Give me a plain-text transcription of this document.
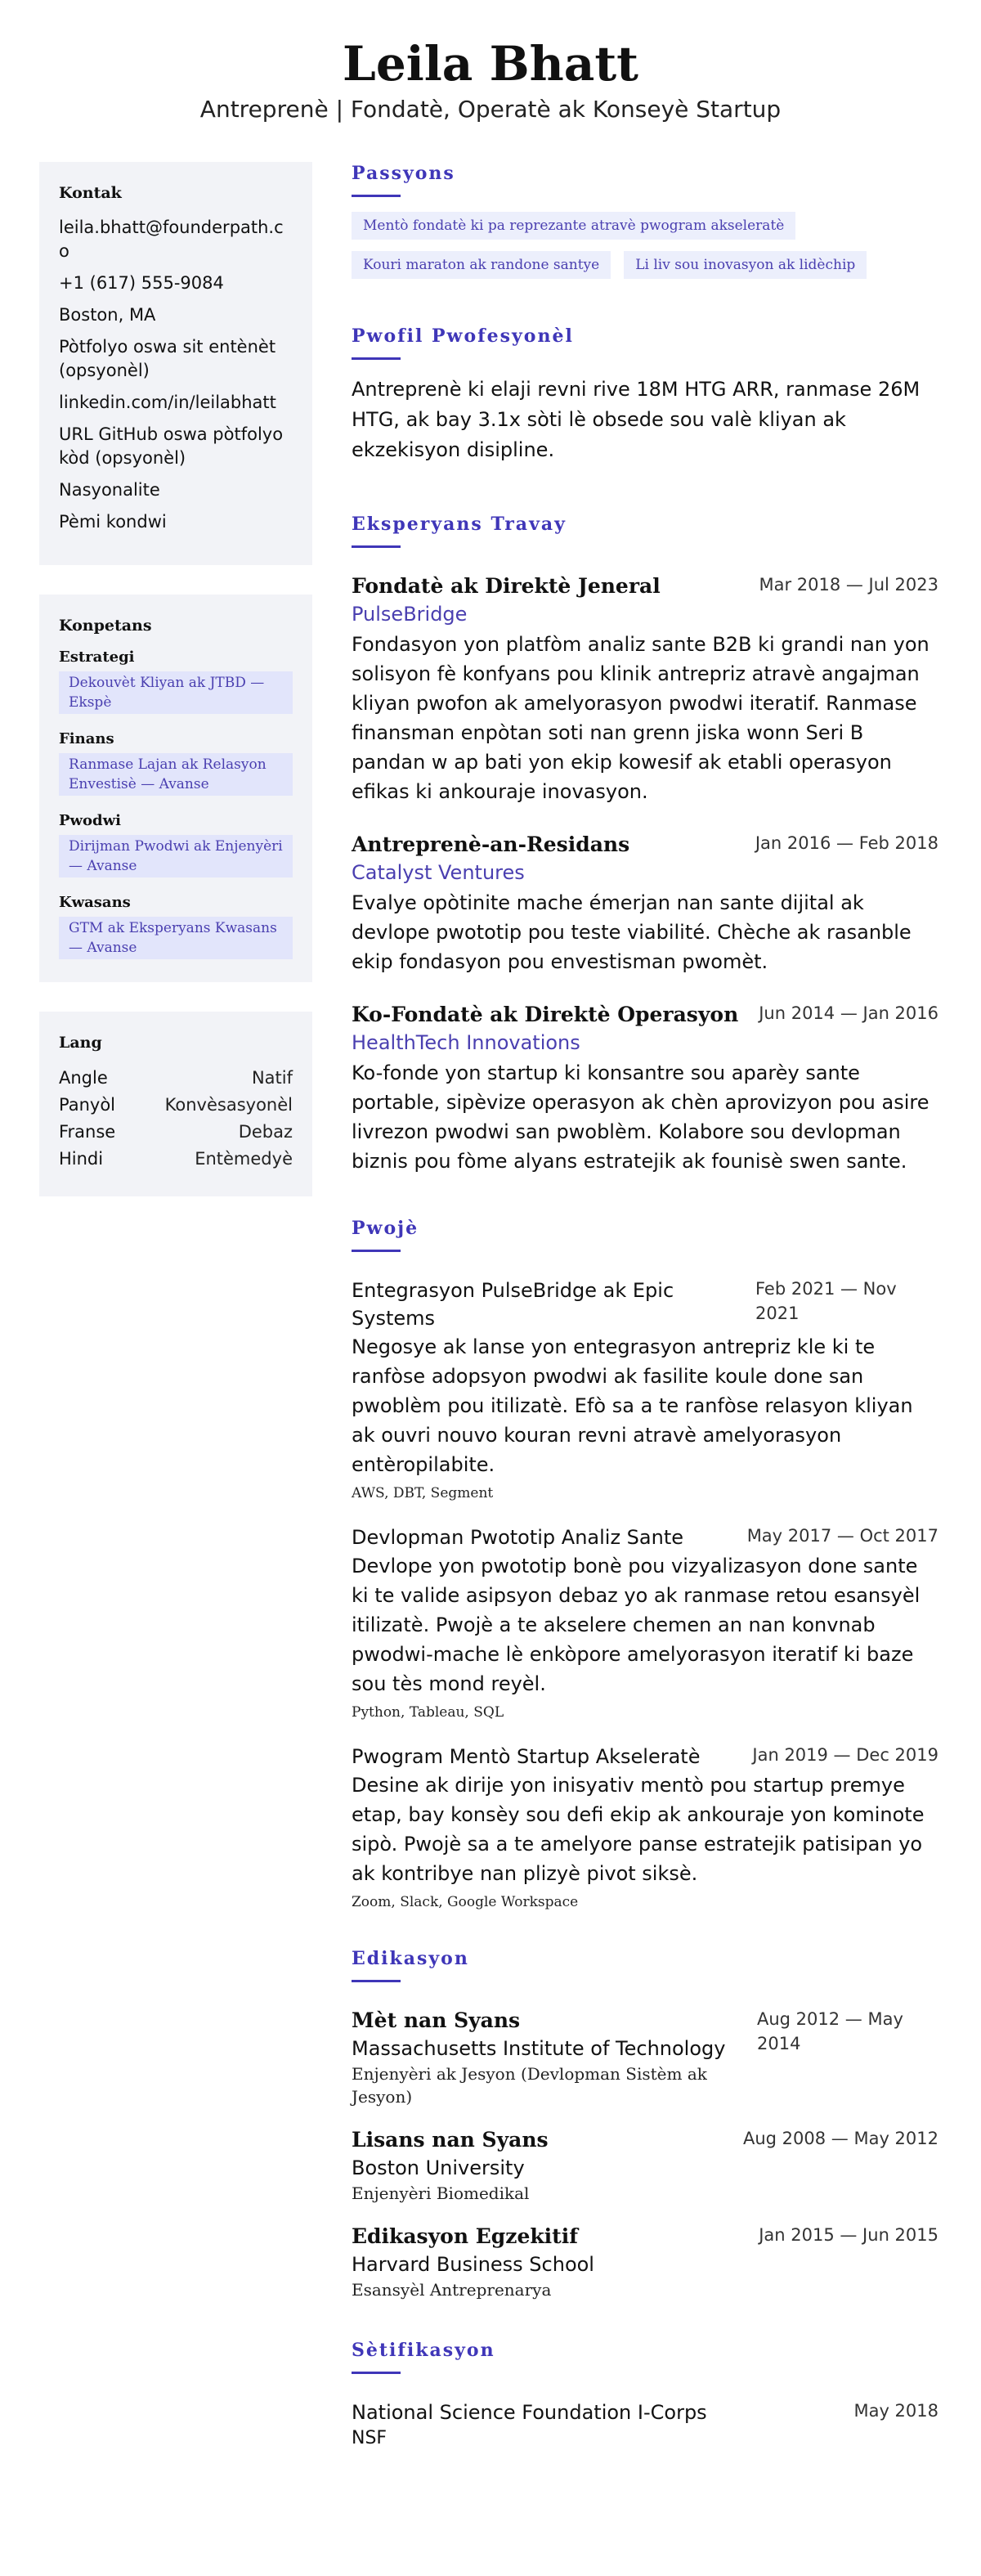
Leila Bhatt
Antreprenè | Fondatè, Operatè ak Konseyè Startup
Kontak
leila.bhatt@founderpath.co
+1 (617) 555-9084
Boston, MA
Pòtfolyo oswa sit entènèt (opsyonèl)
linkedin.com/in/leilabhatt
URL GitHub oswa pòtfolyo kòd (opsyonèl)
Nasyonalite
Pèmi kondwi
Konpetans
Estrategi
Dekouvèt Kliyan ak JTBD — Ekspè
Finans
Ranmase Lajan ak Relasyon Envestisè — Avanse
Pwodwi
Dirijman Pwodwi ak Enjenyèri — Avanse
Kwasans
GTM ak Eksperyans Kwasans — Avanse
Lang
Angle	Natif
Panyòl	Konvèsasyonèl
Franse	Debaz
Hindi	Entèmedyè
Passyons
Mentò fondatè ki pa reprezante atravè pwogram akseleratè
Kouri maraton ak randone santye	Li liv sou inovasyon ak lidèchip
Pwofil Pwofesyonèl
Antreprenè ki elaji revni rive 18M HTG ARR, ranmase 26M HTG, ak bay 3.1x sòti lè obsede sou valè kliyan ak ekzekisyon disipline.
Eksperyans Travay
Fondatè ak Direktè Jeneral	Mar 2018 — Jul 2023
PulseBridge
Fondasyon yon platfòm analiz sante B2B ki grandi nan yon solisyon fè konfyans pou klinik antrepriz atravè angajman kliyan pwofon ak amelyorasyon pwodwi iteratif. Ranmase finansman enpòtan soti nan grenn jiska wonn Seri B pandan w ap bati yon ekip kowesif ak etabli operasyon efikas ki ankouraje inovasyon.
Antreprenè-an-Residans	Jan 2016 — Feb 2018
Catalyst Ventures
Evalye opòtinite mache émerjan nan sante dijital ak devlope pwototip pou teste viabilité. Chèche ak rasanble ekip fondasyon pou envestisman pwomèt.
Ko-Fondatè ak Direktè Operasyon Jun 2014 — Jan 2016
HealthTech Innovations
Ko-fonde yon startup ki konsantre sou aparèy sante portable, sipèvize operasyon ak chèn aprovizyon pou asire livrezon pwodwi san pwoblèm. Kolabore sou devlopman biznis pou fòme alyans estratejik ak founisè swen sante.
Pwojè
Entegrasyon PulseBridge ak Epic Systems
Feb 2021 — Nov 2021
Negosye ak lanse yon entegrasyon antrepriz kle ki te ranfòse adopsyon pwodwi ak fasilite koule done san pwoblèm pou itilizatè. Efò sa a te ranfòse relasyon kliyan ak ouvri nouvo kouran revni atravè amelyorasyon entèropilabite.
AWS, DBT, Segment
Devlopman Pwototip Analiz Sante	May 2017 — Oct 2017
Devlope yon pwototip bonè pou vizyalizasyon done sante ki te valide asipsyon debaz yo ak ranmase retou esansyèl itilizatè. Pwojè a te akselere chemen an nan konvnab pwodwi-mache lè enkòpore amelyorasyon iteratif ki baze sou tès mond reyèl.
Python, Tableau, SQL
Pwogram Mentò Startup Akseleratè	Jan 2019 — Dec 2019
Desine ak dirije yon inisyativ mentò pou startup premye etap, bay konsèy sou defi ekip ak ankouraje yon kominote sipò. Pwojè sa a te amelyore panse estratejik patisipan yo ak kontribye nan plizyè pivot siksè.
Zoom, Slack, Google Workspace
Edikasyon
Mèt nan Syans
Massachusetts Institute of Technology
Enjenyèri ak Jesyon (Devlopman Sistèm ak Jesyon)
Aug 2012 — May 2014
Lisans nan Syans
Boston University
Enjenyèri Biomedikal
Aug 2008 — May 2012
Edikasyon Egzekitif
Harvard Business School
Esansyèl Antreprenarya
Jan 2015 — Jun 2015
Sètifikasyon
National Science Foundation I-Corps	May 2018
NSF
